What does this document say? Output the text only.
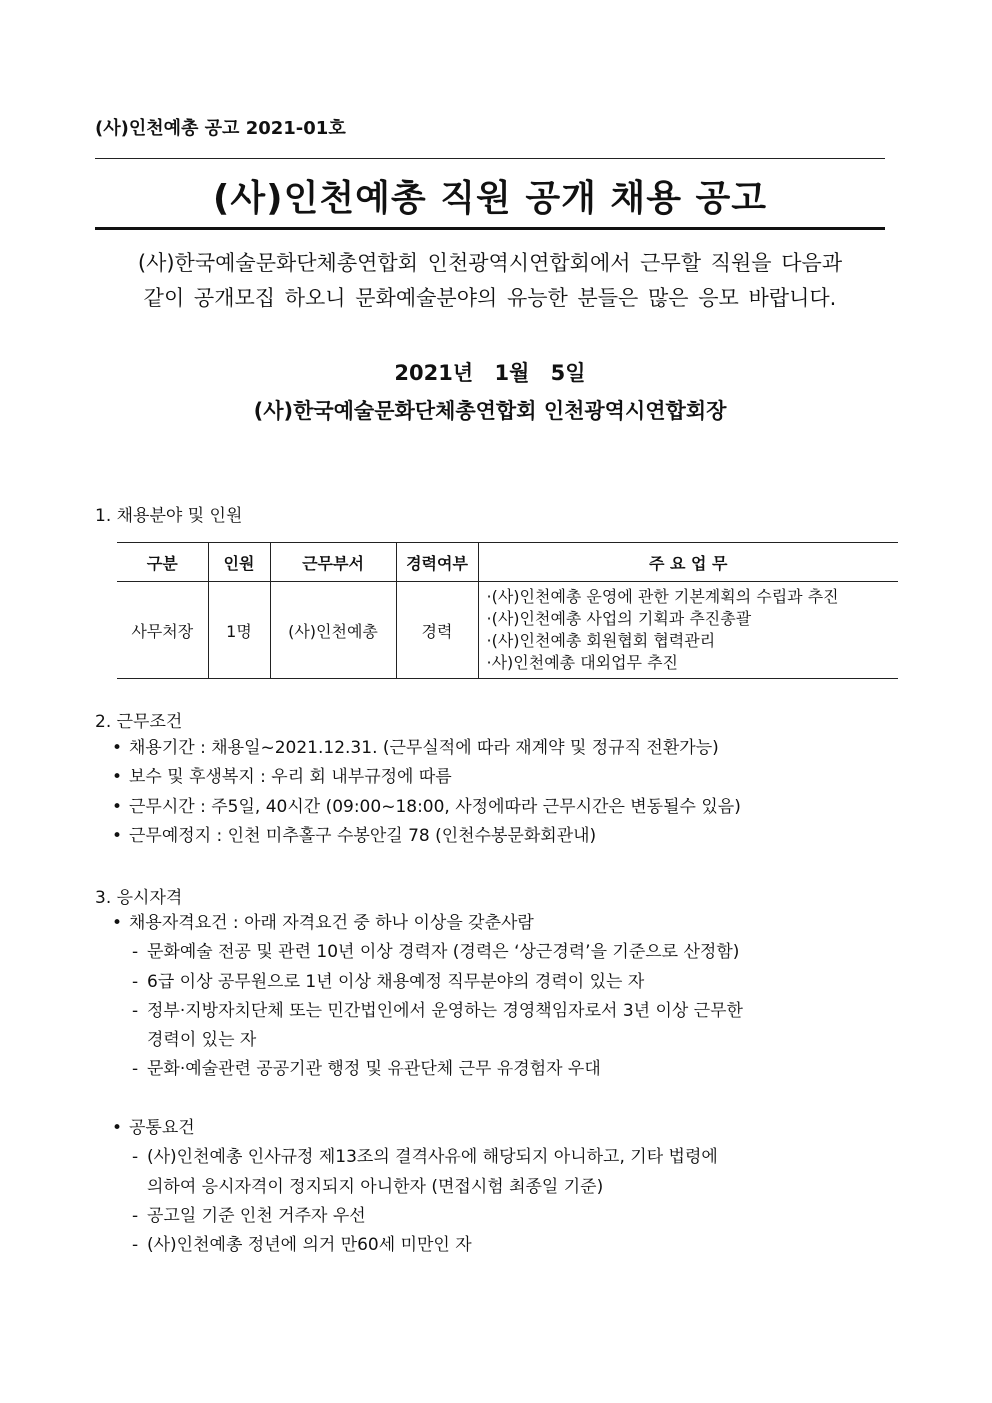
(사)인천예총 공고 2021-01호
(사)인천예총 직원 공개 채용 공고
(사)한국예술문화단체총연합회 인천광역시연합회에서 근무할 직원을 다음과
같이 공개모집 하오니 문화예술분야의 유능한 분들은 많은 응모 바랍니다.
2021년 1월 5일
(사)한국예술문화단체총연합회 인천광역시연합회장
1. 채용분야 및 인원
구분	인원	근무부서	경력여부	주 요 업 무
사무처장	1명	(사)인천예총	경력	·(사)인천예총 운영에 관한 기본계획의 수립과 추진
·(사)인천예총 사업의 기획과 추진총괄
·(사)인천예총 회원협회 협력관리
·사)인천예총 대외업무 추진
2. 근무조건
• 채용기간 : 채용일~2021.12.31. (근무실적에 따라 재계약 및 정규직 전환가능)
• 보수 및 후생복지 : 우리 회 내부규정에 따름
• 근무시간 : 주5일, 40시간 (09:00~18:00, 사정에따라 근무시간은 변동될수 있음)
• 근무예정지 : 인천 미추홀구 수봉안길 78 (인천수봉문화회관내)
3. 응시자격
• 채용자격요건 : 아래 자격요건 중 하나 이상을 갖춘사람
- 문화예술 전공 및 관련 10년 이상 경력자 (경력은 ‘상근경력’을 기준으로 산정함)
- 6급 이상 공무원으로 1년 이상 채용예정 직무분야의 경력이 있는 자
- 정부·지방자치단체 또는 민간법인에서 운영하는 경영책임자로서 3년 이상 근무한
경력이 있는 자
- 문화·예술관련 공공기관 행정 및 유관단체 근무 유경험자 우대
• 공통요건
- (사)인천예총 인사규정 제13조의 결격사유에 해당되지 아니하고, 기타 법령에
의하여 응시자격이 정지되지 아니한자 (면접시험 최종일 기준)
- 공고일 기준 인천 거주자 우선
- (사)인천예총 정년에 의거 만60세 미만인 자
